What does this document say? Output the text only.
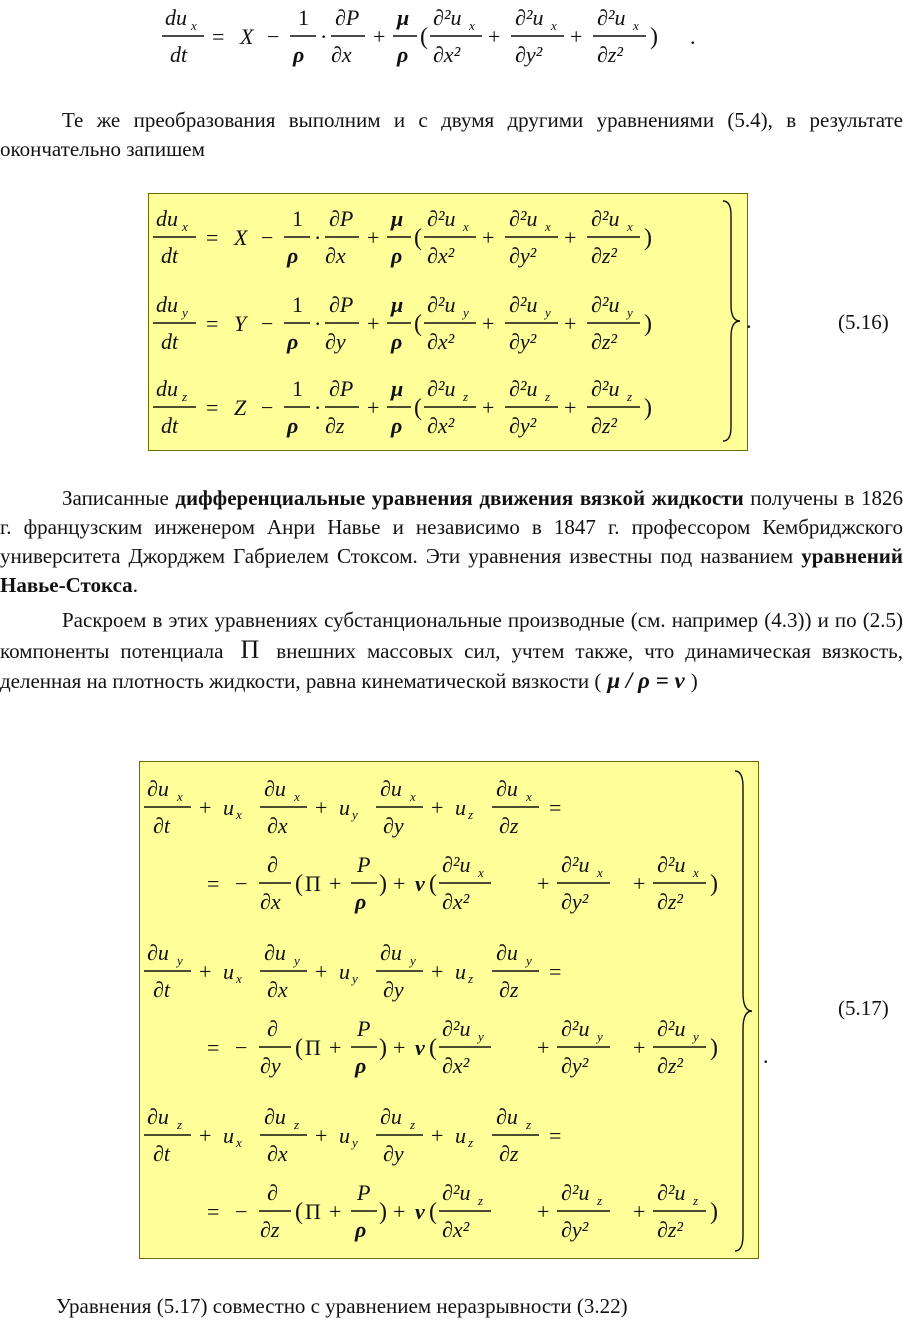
du x
dt
= X −
1
ρ
·
∂P
∂x
+
μ
ρ
(
∂²u x
∂x²
+
∂²u x
∂y²
+
∂²u x
∂z²
) .
Те же преобразования выполним и с двумя другими уравнениями (5.4), в результате окончательно запишем
du x
dt
= X −
1
ρ
·
∂P
∂x
+
μ
ρ
(
∂²u x
∂x²
+
∂²u x
∂y²
+
∂²u x
∂z²
)
du y
dt
= Y −
1
ρ
·
∂P
∂y
+
μ
ρ
(
∂²u y
∂x²
+
∂²u y
∂y²
+
∂²u y
∂z²
)
du z
dt
= Z −
1
ρ
·
∂P
∂z
+
μ
ρ
(
∂²u z
∂x²
+
∂²u z
∂y²
+
∂²u z
∂z²
)
.	(5.16)
Записанные дифференциальные уравнения движения вязкой жидкости получены в 1826 г. французским инженером Анри Навье и независимо в 1847 г. профессором Кембриджского университета Джорджем Габриелем Стоксом. Эти уравнения известны под названием уравнений Навье-Стокса.
Раскроем в этих уравнениях субстанциональные производные (см. например (4.3)) и по (2.5) компоненты потенциала Π внешних массовых сил, учтем также, что динамическая вязкость, деленная на плотность жидкости, равна кинематической вязкости ( μ / ρ = ν )
∂u x
∂t
+ u x
∂u x
∂x
+ u y
∂u x
∂y
+ u z
∂u x
∂z
=
= −
∂
∂x
( Π +
P
ρ
) + ν (
∂²u x
∂x²
+
∂²u x
∂y²
+
∂²u x
∂z²
)
∂u y
∂t
+ u x
∂u y
∂x
+ u y
∂u y
∂y
+ u z
∂u y
∂z
=
= −
∂
∂y
( Π +
P
ρ
) + ν (
∂²u y
∂x²
+
∂²u y
∂y²
+
∂²u y
∂z²
)
∂u z
∂t
+ u x
∂u z
∂x
+ u y
∂u z
∂y
+ u z
∂u z
∂z
=
= −
∂
∂z
( Π +
P
ρ
) + ν (
∂²u z
∂x²
+
∂²u z
∂y²
+
∂²u z
∂z²
)
.
(5.17)
Уравнения (5.17) совместно с уравнением неразрывности (3.22)
